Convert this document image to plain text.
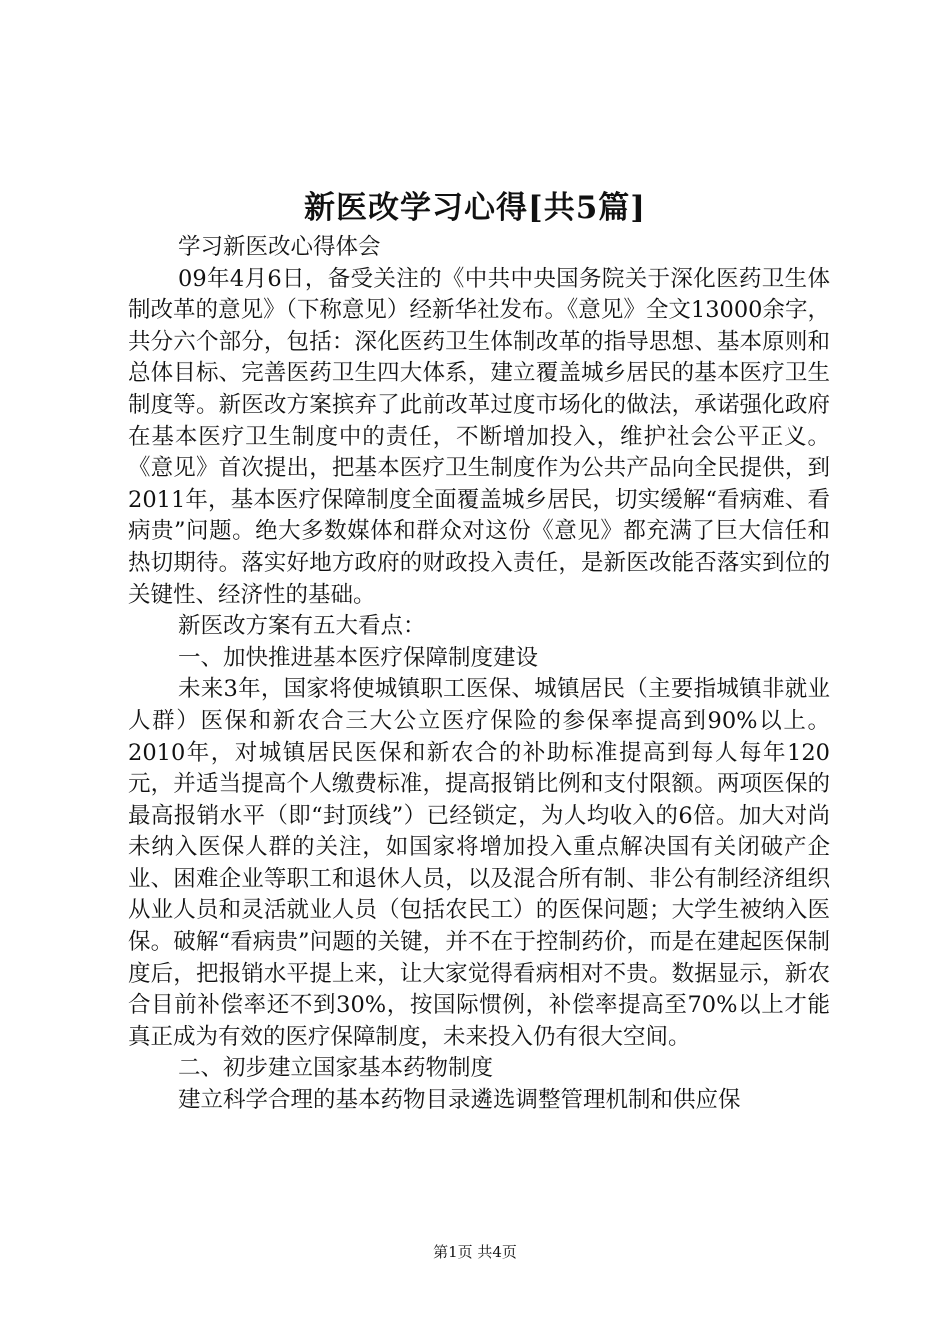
新医改学习心得[共5篇]

学习新医改心得体会

09年4月6日，备受关注的《中共中央国务院关于深化医药卫生体制改革的意见》（下称意见）经新华社发布。《意见》全文13000余字，共分六个部分，包括：深化医药卫生体制改革的指导思想、基本原则和总体目标、完善医药卫生四大体系，建立覆盖城乡居民的基本医疗卫生制度等。新医改方案摈弃了此前改革过度市场化的做法，承诺强化政府在基本医疗卫生制度中的责任，不断增加投入，维护社会公平正义。《意见》首次提出，把基本医疗卫生制度作为公共产品向全民提供，到2011年，基本医疗保障制度全面覆盖城乡居民，切实缓解“看病难、看病贵”问题。绝大多数媒体和群众对这份《意见》都充满了巨大信任和热切期待。落实好地方政府的财政投入责任，是新医改能否落实到位的关键性、经济性的基础。

新医改方案有五大看点：

一、加快推进基本医疗保障制度建设

未来3年，国家将使城镇职工医保、城镇居民（主要指城镇非就业人群）医保和新农合三大公立医疗保险的参保率提高到90%以上。2010年，对城镇居民医保和新农合的补助标准提高到每人每年120元，并适当提高个人缴费标准，提高报销比例和支付限额。两项医保的最高报销水平（即“封顶线”）已经锁定，为人均收入的6倍。加大对尚未纳入医保人群的关注，如国家将增加投入重点解决国有关闭破产企业、困难企业等职工和退休人员，以及混合所有制、非公有制经济组织从业人员和灵活就业人员（包括农民工）的医保问题；大学生被纳入医保。破解“看病贵”问题的关键，并不在于控制药价，而是在建起医保制度后，把报销水平提上来，让大家觉得看病相对不贵。数据显示，新农合目前补偿率还不到30%，按国际惯例，补偿率提高至70%以上才能真正成为有效的医疗保障制度，未来投入仍有很大空间。

二、初步建立国家基本药物制度

建立科学合理的基本药物目录遴选调整管理机制和供应保

第1页 共4页
